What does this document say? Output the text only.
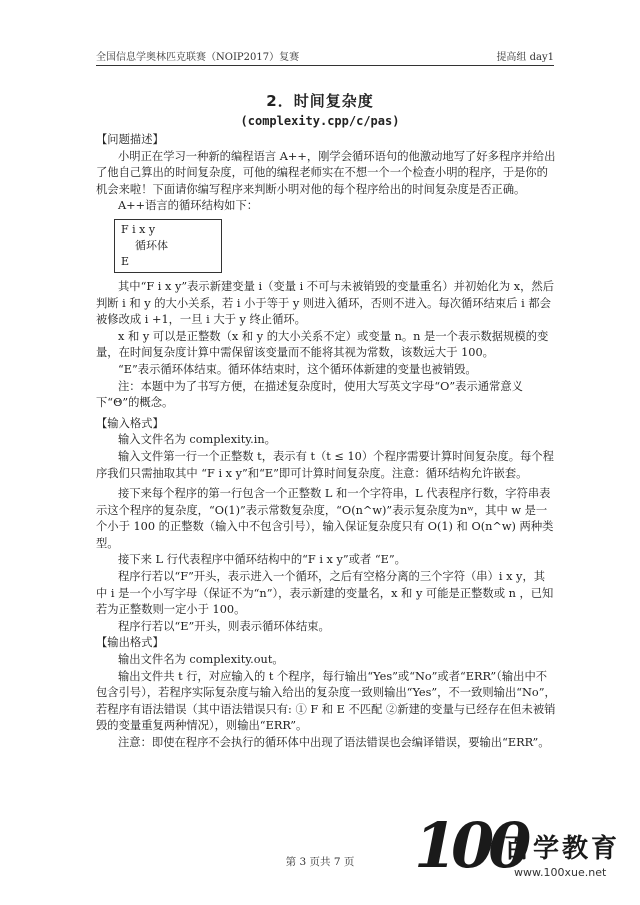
全国信息学奥林匹克联赛（NOIP2017）复赛	提高组 day1
2．时间复杂度
(complexity.cpp/c/pas)

【问题描述】

小明正在学习一种新的编程语言 A++，刚学会循环语句的他激动地写了好多程序并给出了他自己算出的时间复杂度，可他的编程老师实在不想一个一个检查小明的程序，于是你的机会来啦！下面请你编写程序来判断小明对他的每个程序给出的时间复杂度是否正确。

A++语言的循环结构如下：

F i x y
循环体
E

其中“F i x y”表示新建变量 i（变量 i 不可与未被销毁的变量重名）并初始化为 x，然后判断 i 和 y 的大小关系，若 i 小于等于 y 则进入循环，否则不进入。每次循环结束后 i 都会被修改成 i +1，一旦 i 大于 y 终止循环。

x 和 y 可以是正整数（x 和 y 的大小关系不定）或变量 n。n 是一个表示数据规模的变量，在时间复杂度计算中需保留该变量而不能将其视为常数，该数远大于 100。

“E”表示循环体结束。循环体结束时，这个循环体新建的变量也被销毁。

注：本题中为了书写方便，在描述复杂度时，使用大写英文字母“O”表示通常意义下“Θ”的概念。

【输入格式】

输入文件名为 complexity.in。

输入文件第一行一个正整数 t，表示有 t（t ≤ 10）个程序需要计算时间复杂度。每个程序我们只需抽取其中 “F i x y”和“E”即可计算时间复杂度。注意：循环结构允许嵌套。

接下来每个程序的第一行包含一个正整数 L 和一个字符串，L 代表程序行数，字符串表示这个程序的复杂度，“O(1)”表示常数复杂度，“O(n^w)”表示复杂度为nʷ，其中 w 是一个小于 100 的正整数（输入中不包含引号），输入保证复杂度只有 O(1) 和 O(n^w) 两种类型。

接下来 L 行代表程序中循环结构中的“F i x y”或者 “E”。

程序行若以“F”开头，表示进入一个循环，之后有空格分离的三个字符（串）i x y，其中 i 是一个小写字母（保证不为“n”），表示新建的变量名，x 和 y 可能是正整数或 n ，已知若为正整数则一定小于 100。

程序行若以“E”开头，则表示循环体结束。

【输出格式】

输出文件名为 complexity.out。

输出文件共 t 行，对应输入的 t 个程序，每行输出“Yes”或“No”或者“ERR”（输出中不包含引号），若程序实际复杂度与输入给出的复杂度一致则输出“Yes”，不一致则输出“No”，若程序有语法错误（其中语法错误只有: ① F 和 E 不匹配 ②新建的变量与已经存在但未被销毁的变量重复两种情况），则输出“ERR”。

注意：即使在程序不会执行的循环体中出现了语法错误也会编译错误，要输出“ERR”。

第 3 页共 7 页 100
百学教育
www.100xue.net
